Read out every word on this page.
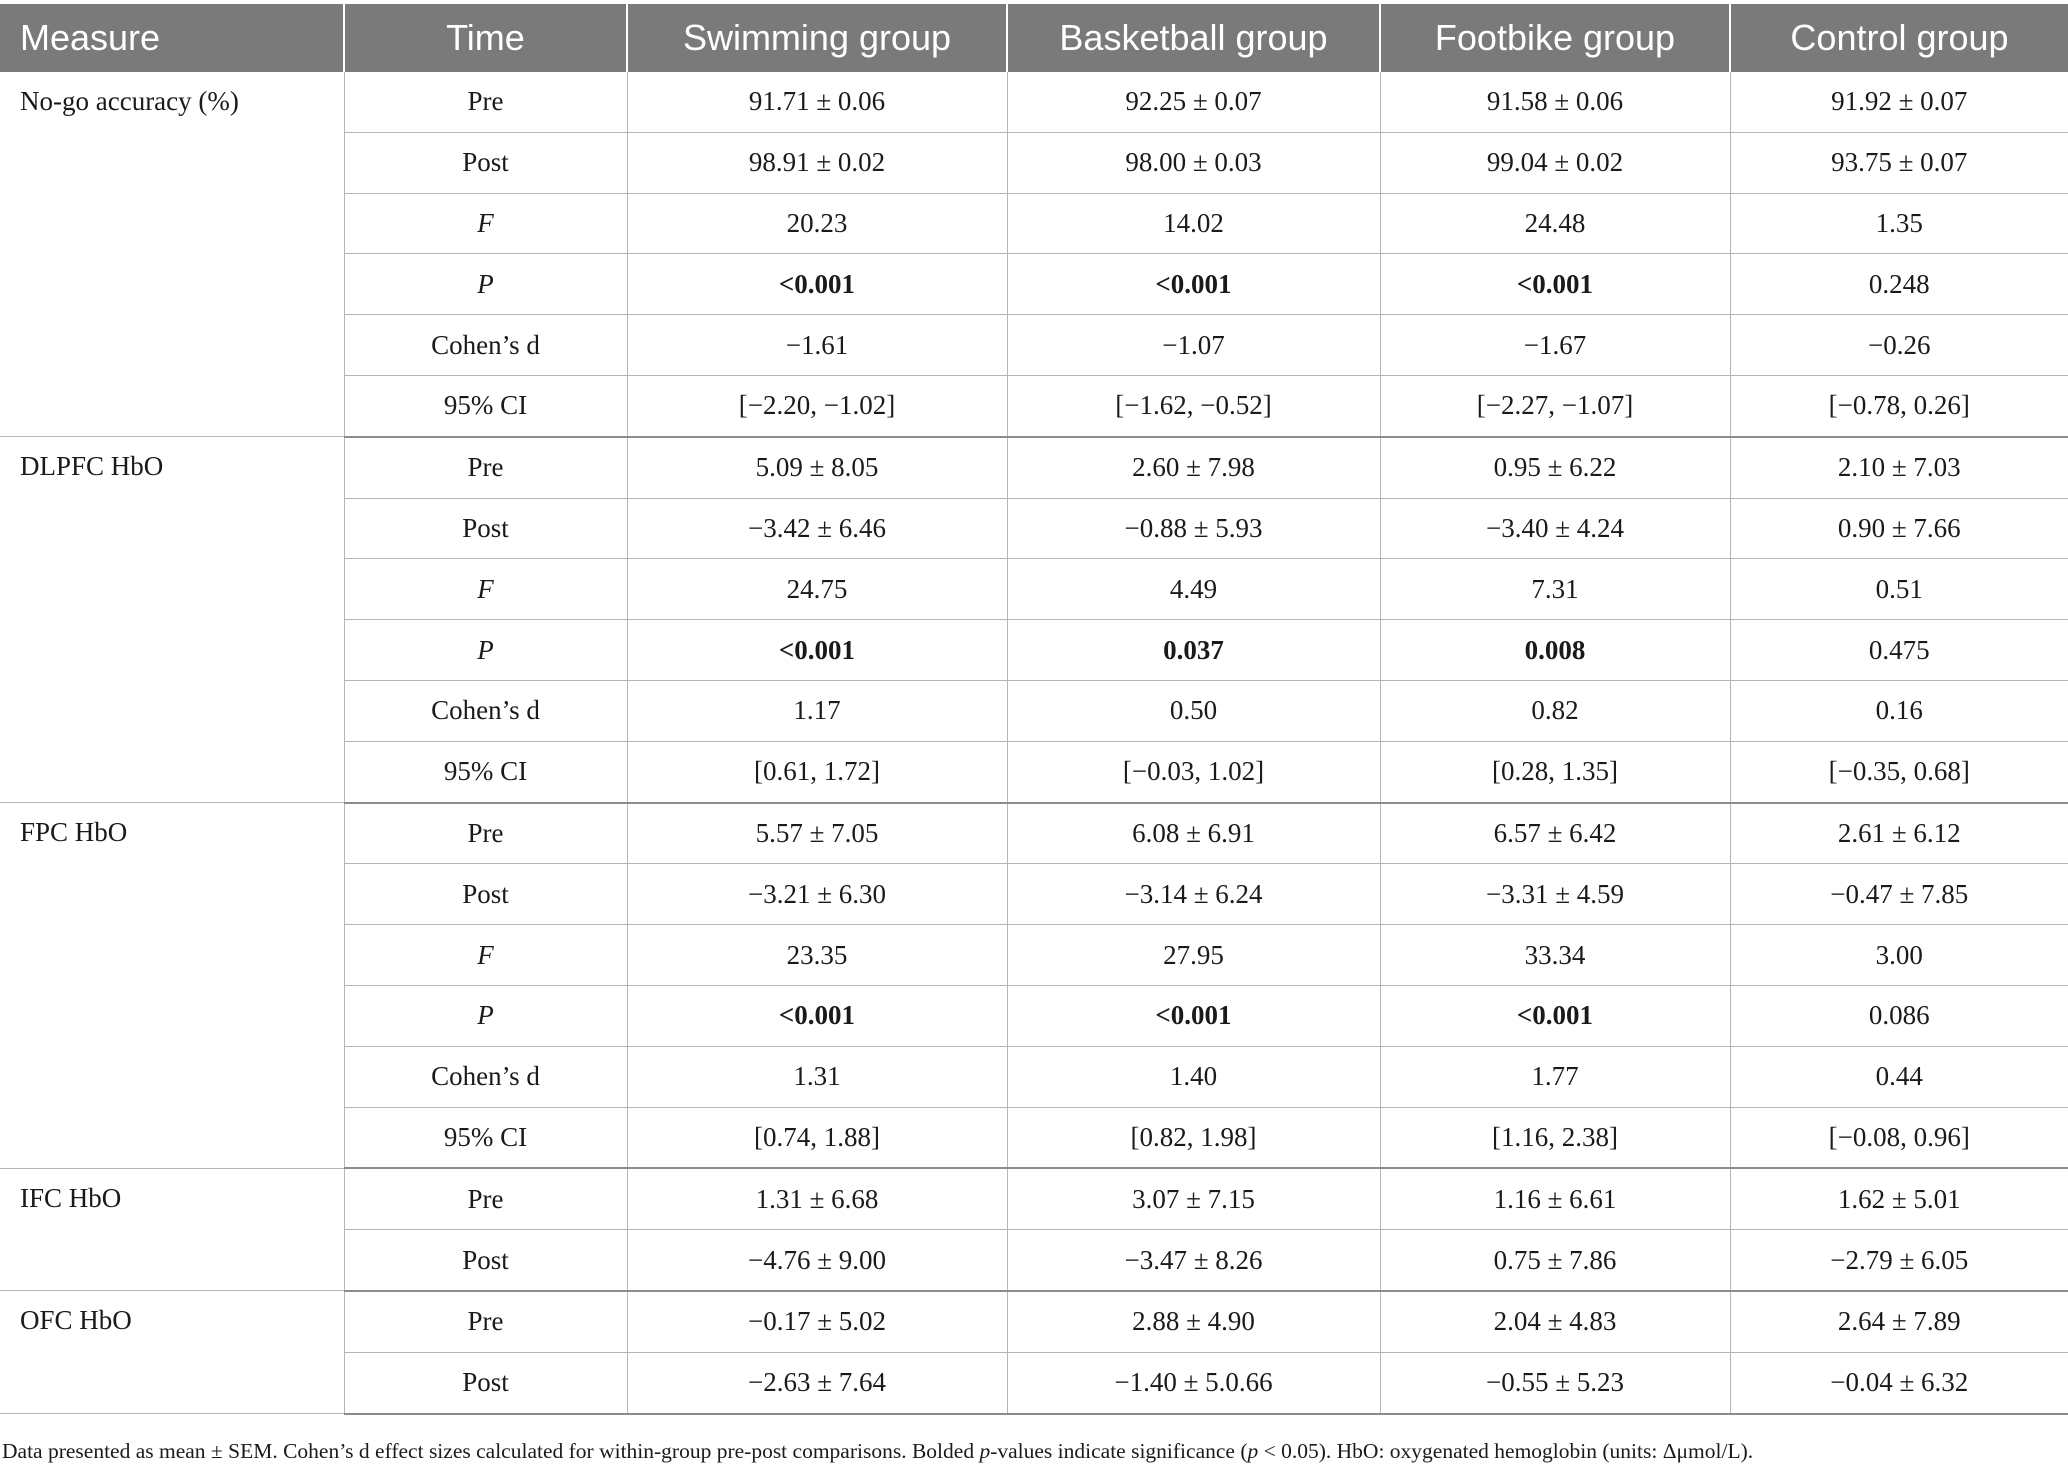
Measure	Time	Swimming group	Basketball group	Footbike group	Control group
No-go accuracy (%)	Pre	91.71 ± 0.06	92.25 ± 0.07	91.58 ± 0.06	91.92 ± 0.07
	Post	98.91 ± 0.02	98.00 ± 0.03	99.04 ± 0.02	93.75 ± 0.07
	F	20.23	14.02	24.48	1.35
	P	<0.001	<0.001	<0.001	0.248
	Cohen’s d	−1.61	−1.07	−1.67	−0.26
	95% CI	[−2.20, −1.02]	[−1.62, −0.52]	[−2.27, −1.07]	[−0.78, 0.26]
DLPFC HbO	Pre	5.09 ± 8.05	2.60 ± 7.98	0.95 ± 6.22	2.10 ± 7.03
	Post	−3.42 ± 6.46	−0.88 ± 5.93	−3.40 ± 4.24	0.90 ± 7.66
	F	24.75	4.49	7.31	0.51
	P	<0.001	0.037	0.008	0.475
	Cohen’s d	1.17	0.50	0.82	0.16
	95% CI	[0.61, 1.72]	[−0.03, 1.02]	[0.28, 1.35]	[−0.35, 0.68]
FPC HbO	Pre	5.57 ± 7.05	6.08 ± 6.91	6.57 ± 6.42	2.61 ± 6.12
	Post	−3.21 ± 6.30	−3.14 ± 6.24	−3.31 ± 4.59	−0.47 ± 7.85
	F	23.35	27.95	33.34	3.00
	P	<0.001	<0.001	<0.001	0.086
	Cohen’s d	1.31	1.40	1.77	0.44
	95% CI	[0.74, 1.88]	[0.82, 1.98]	[1.16, 2.38]	[−0.08, 0.96]
IFC HbO	Pre	1.31 ± 6.68	3.07 ± 7.15	1.16 ± 6.61	1.62 ± 5.01
	Post	−4.76 ± 9.00	−3.47 ± 8.26	0.75 ± 7.86	−2.79 ± 6.05
OFC HbO	Pre	−0.17 ± 5.02	2.88 ± 4.90	2.04 ± 4.83	2.64 ± 7.89
	Post	−2.63 ± 7.64	−1.40 ± 5.0.66	−0.55 ± 5.23	−0.04 ± 6.32
Data presented as mean ± SEM. Cohen’s d effect sizes calculated for within-group pre-post comparisons. Bolded p-values indicate significance (p < 0.05). HbO: oxygenated hemoglobin (units: Δμmol/L).
